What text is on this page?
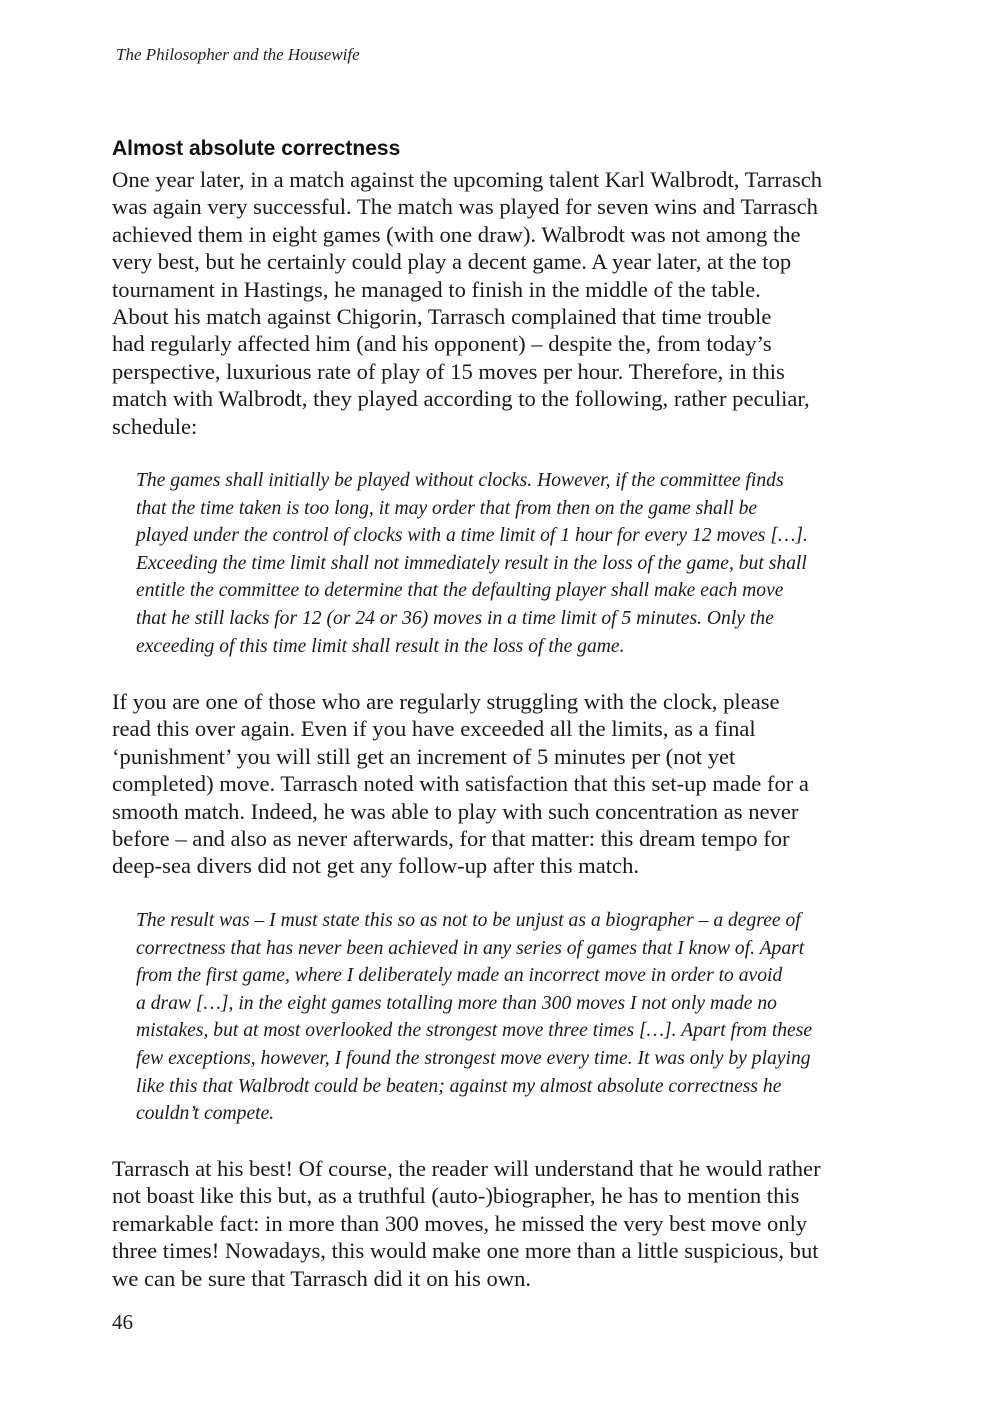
The Philosopher and the Housewife
Almost absolute correctness
One year later, in a match against the upcoming talent Karl Walbrodt, Tarrasch
was again very successful. The match was played for seven wins and Tarrasch
achieved them in eight games (with one draw). Walbrodt was not among the
very best, but he certainly could play a decent game. A year later, at the top
tournament in Hastings, he managed to finish in the middle of the table.
About his match against Chigorin, Tarrasch complained that time trouble
had regularly affected him (and his opponent) – despite the, from today’s
perspective, luxurious rate of play of 15 moves per hour. Therefore, in this
match with Walbrodt, they played according to the following, rather peculiar,
schedule:
The games shall initially be played without clocks. However, if the committee finds
that the time taken is too long, it may order that from then on the game shall be
played under the control of clocks with a time limit of 1 hour for every 12 moves […].
Exceeding the time limit shall not immediately result in the loss of the game, but shall
entitle the committee to determine that the defaulting player shall make each move
that he still lacks for 12 (or 24 or 36) moves in a time limit of 5 minutes. Only the
exceeding of this time limit shall result in the loss of the game.
If you are one of those who are regularly struggling with the clock, please
read this over again. Even if you have exceeded all the limits, as a final
‘punishment’ you will still get an increment of 5 minutes per (not yet
completed) move. Tarrasch noted with satisfaction that this set-up made for a
smooth match. Indeed, he was able to play with such concentration as never
before – and also as never afterwards, for that matter: this dream tempo for
deep-sea divers did not get any follow-up after this match.
The result was – I must state this so as not to be unjust as a biographer – a degree of
correctness that has never been achieved in any series of games that I know of. Apart
from the first game, where I deliberately made an incorrect move in order to avoid
a draw […], in the eight games totalling more than 300 moves I not only made no
mistakes, but at most overlooked the strongest move three times […]. Apart from these
few exceptions, however, I found the strongest move every time. It was only by playing
like this that Walbrodt could be beaten; against my almost absolute correctness he
couldn’t compete.
Tarrasch at his best! Of course, the reader will understand that he would rather
not boast like this but, as a truthful (auto-)biographer, he has to mention this
remarkable fact: in more than 300 moves, he missed the very best move only
three times! Nowadays, this would make one more than a little suspicious, but
we can be sure that Tarrasch did it on his own.
46
